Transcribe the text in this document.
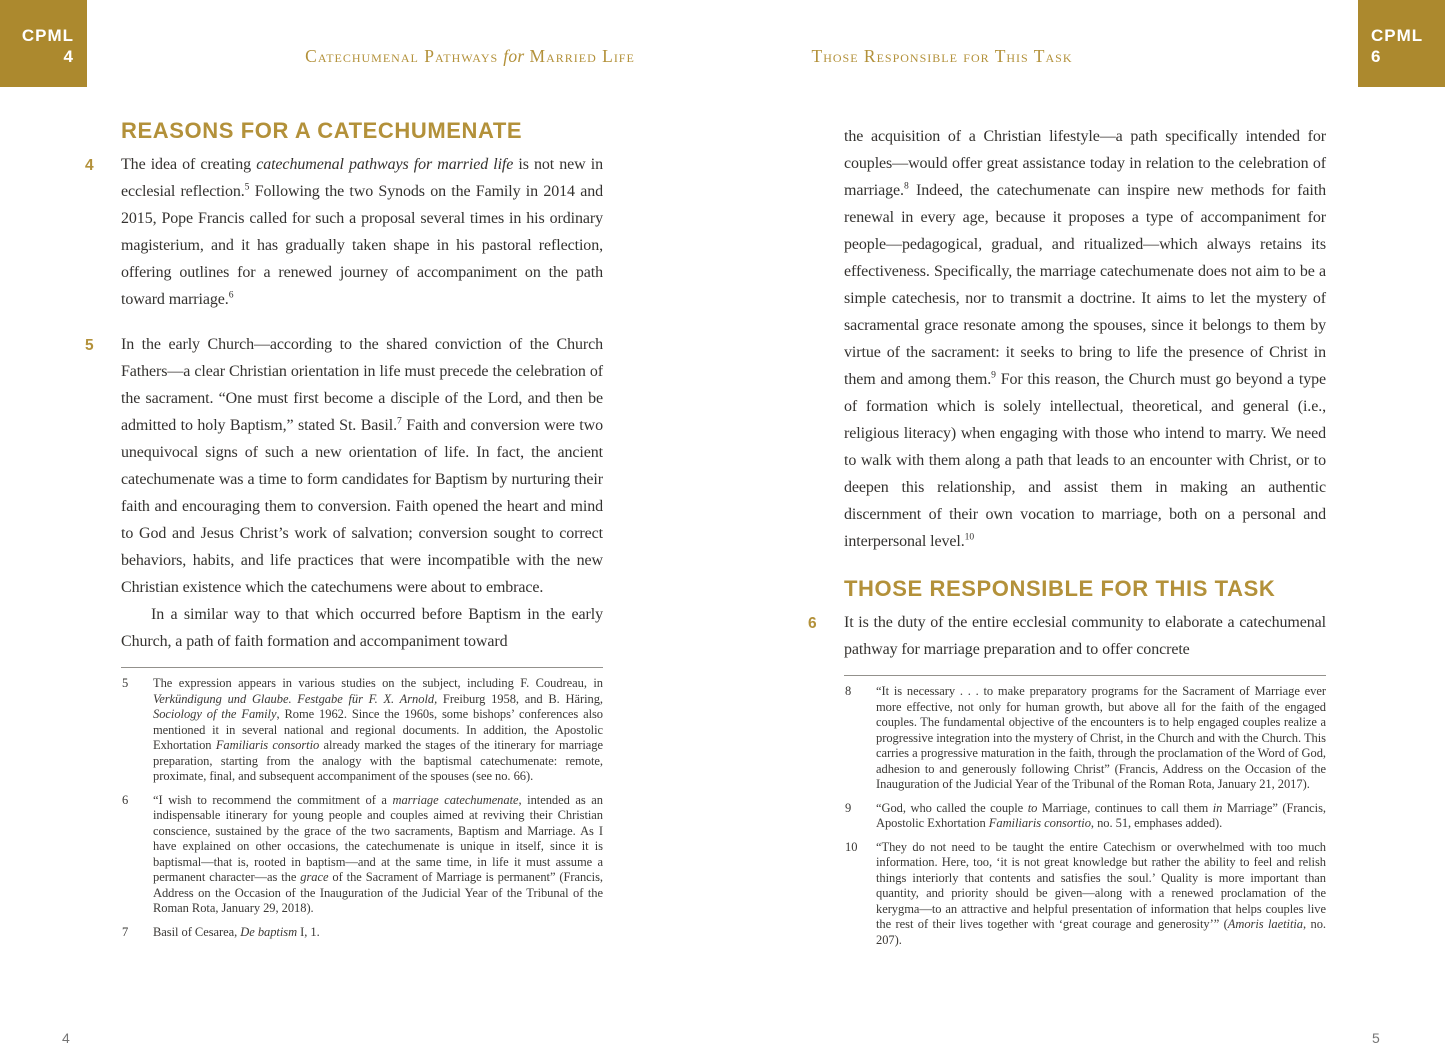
CPML
4
CPML
6
Catechumenal Pathways for Married Life	Those Responsible for This Task
REASONS FOR A CATECHUMENATE
4 The idea of creating catechumenal pathways for married life is not new in ecclesial reflection.$^5$ Following the two Synods on the Family in 2014 and 2015, Pope Francis called for such a proposal several times in his ordinary magisterium, and it has gradually taken shape in his pastoral reflection, offering outlines for a renewed journey of accompaniment on the path toward marriage.$^6$
5 In the early Church—according to the shared conviction of the Church Fathers—a clear Christian orientation in life must precede the celebration of the sacrament. “One must first become a disciple of the Lord, and then be admitted to holy Baptism,” stated St. Basil.$^7$ Faith and conversion were two unequivocal signs of such a new orientation of life. In fact, the ancient catechumenate was a time to form candidates for Baptism by nurturing their faith and encouraging them to conversion. Faith opened the heart and mind to God and Jesus Christ’s work of salvation; conversion sought to correct behaviors, habits, and life practices that were incompatible with the new Christian existence which the catechumens were about to embrace.
In a similar way to that which occurred before Baptism in the early Church, a path of faith formation and accompaniment toward
5 The expression appears in various studies on the subject, including F. Coudreau, in Verkündigung und Glaube. Festgabe für F. X. Arnold, Freiburg 1958, and B. Häring, Sociology of the Family, Rome 1962. Since the 1960s, some bishops’ conferences also mentioned it in several national and regional documents. In addition, the Apostolic Exhortation Familiaris consortio already marked the stages of the itinerary for marriage preparation, starting from the analogy with the baptismal catechumenate: remote, proximate, final, and subsequent accompaniment of the spouses (see no. 66).
6 “I wish to recommend the commitment of a marriage catechumenate, intended as an indispensable itinerary for young people and couples aimed at reviving their Christian conscience, sustained by the grace of the two sacraments, Baptism and Marriage. As I have explained on other occasions, the catechumenate is unique in itself, since it is baptismal—that is, rooted in baptism—and at the same time, in life it must assume a permanent character—as the grace of the Sacrament of Marriage is permanent” (Francis, Address on the Occasion of the Inauguration of the Judicial Year of the Tribunal of the Roman Rota, January 29, 2018).
7 Basil of Cesarea, De baptism I, 1.
the acquisition of a Christian lifestyle—a path specifically intended for couples—would offer great assistance today in relation to the celebration of marriage.$^8$ Indeed, the catechumenate can inspire new methods for faith renewal in every age, because it proposes a type of accompaniment for people—pedagogical, gradual, and ritualized—which always retains its effectiveness. Specifically, the marriage catechumenate does not aim to be a simple catechesis, nor to transmit a doctrine. It aims to let the mystery of sacramental grace resonate among the spouses, since it belongs to them by virtue of the sacrament: it seeks to bring to life the presence of Christ in them and among them.$^9$ For this reason, the Church must go beyond a type of formation which is solely intellectual, theoretical, and general (i.e., religious literacy) when engaging with those who intend to marry. We need to walk with them along a path that leads to an encounter with Christ, or to deepen this relationship, and assist them in making an authentic discernment of their own vocation to marriage, both on a personal and interpersonal level.$^{10}$
THOSE RESPONSIBLE FOR THIS TASK
6 It is the duty of the entire ecclesial community to elaborate a catechumenal pathway for marriage preparation and to offer concrete
8 “It is necessary . . . to make preparatory programs for the Sacrament of Marriage ever more effective, not only for human growth, but above all for the faith of the engaged couples. The fundamental objective of the encounters is to help engaged couples realize a progressive integration into the mystery of Christ, in the Church and with the Church. This carries a progressive maturation in the faith, through the proclamation of the Word of God, adhesion to and generously following Christ” (Francis, Address on the Occasion of the Inauguration of the Judicial Year of the Tribunal of the Roman Rota, January 21, 2017).
9 “God, who called the couple to Marriage, continues to call them in Marriage” (Francis, Apostolic Exhortation Familiaris consortio, no. 51, emphases added).
10 “They do not need to be taught the entire Catechism or overwhelmed with too much information. Here, too, ‘it is not great knowledge but rather the ability to feel and relish things interiorly that contents and satisfies the soul.’ Quality is more important than quantity, and priority should be given—along with a renewed proclamation of the kerygma—to an attractive and helpful presentation of information that helps couples live the rest of their lives together with ‘great courage and generosity’” (Amoris laetitia, no. 207).
4	5
